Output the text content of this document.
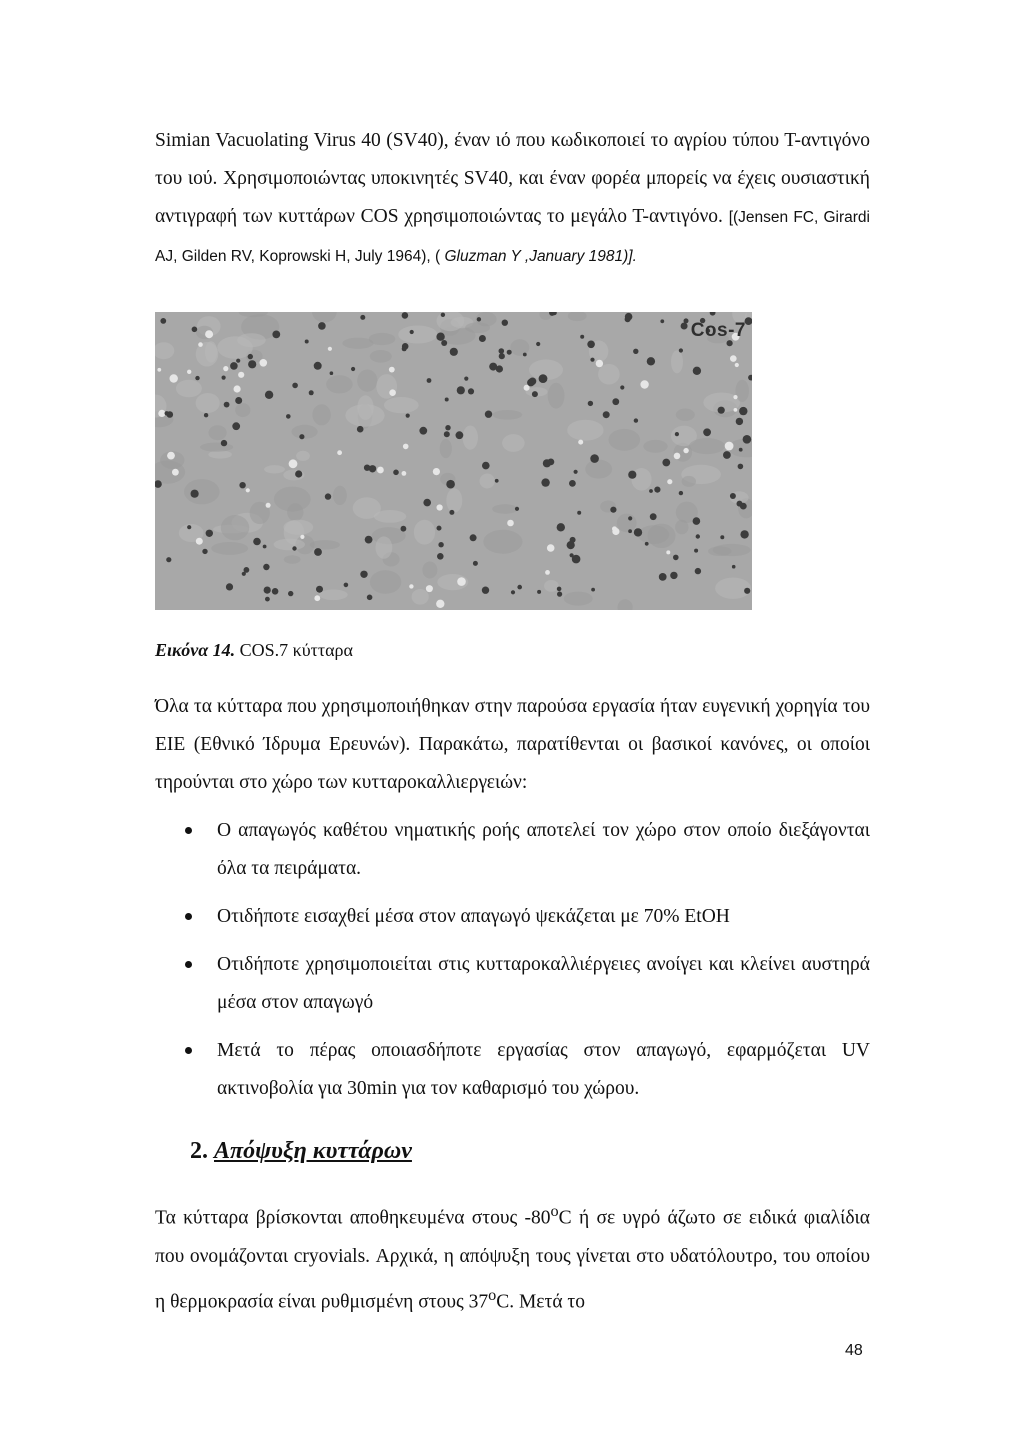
Simian Vacuolating Virus 40 (SV40), έναν ιό που κωδικοποιεί το αγρίου τύπου Τ-αντιγόνο του ιού. Χρησιμοποιώντας υποκινητές SV40, και έναν φορέα μπορείς να έχεις ουσιαστική αντιγραφή των κυττάρων COS χρησιμοποιώντας το μεγάλο Τ-αντιγόνο. [(Jensen FC, Girardi AJ, Gilden RV, Koprowski H, July 1964), ( Gluzman Y ,January 1981)].

Cos-7
Εικόνα 14. COS.7 κύτταρα

Όλα τα κύτταρα που χρησιμοποιήθηκαν στην παρούσα εργασία ήταν ευγενική χορηγία του ΕΙΕ (Εθνικό Ίδρυμα Ερευνών). Παρακάτω, παρατίθενται οι βασικοί κανόνες, οι οποίοι τηρούνται στο χώρο των κυτταροκαλλιεργειών:

Ο απαγωγός καθέτου νηματικής ροής αποτελεί τον χώρο στον οποίο διεξάγονται όλα τα πειράματα.
Οτιδήποτε εισαχθεί μέσα στον απαγωγό ψεκάζεται με 70% EtOH
Οτιδήποτε χρησιμοποιείται στις κυτταροκαλλιέργειες ανοίγει και κλείνει αυστηρά μέσα στον απαγωγό
Μετά το πέρας οποιασδήποτε εργασίας στον απαγωγό, εφαρμόζεται UV ακτινοβολία για 30min για τον καθαρισμό του χώρου.
2. Απόψυξη κυττάρων

Τα κύτταρα βρίσκονται αποθηκευμένα στους $-80^oC$ ή σε υγρό άζωτο σε ειδικά φιαλίδια που ονομάζονται cryovials. Αρχικά, η απόψυξη τους γίνεται στο υδατόλουτρο, του οποίου η θερμοκρασία είναι ρυθμισμένη στους $37^oC$. Μετά το

48
